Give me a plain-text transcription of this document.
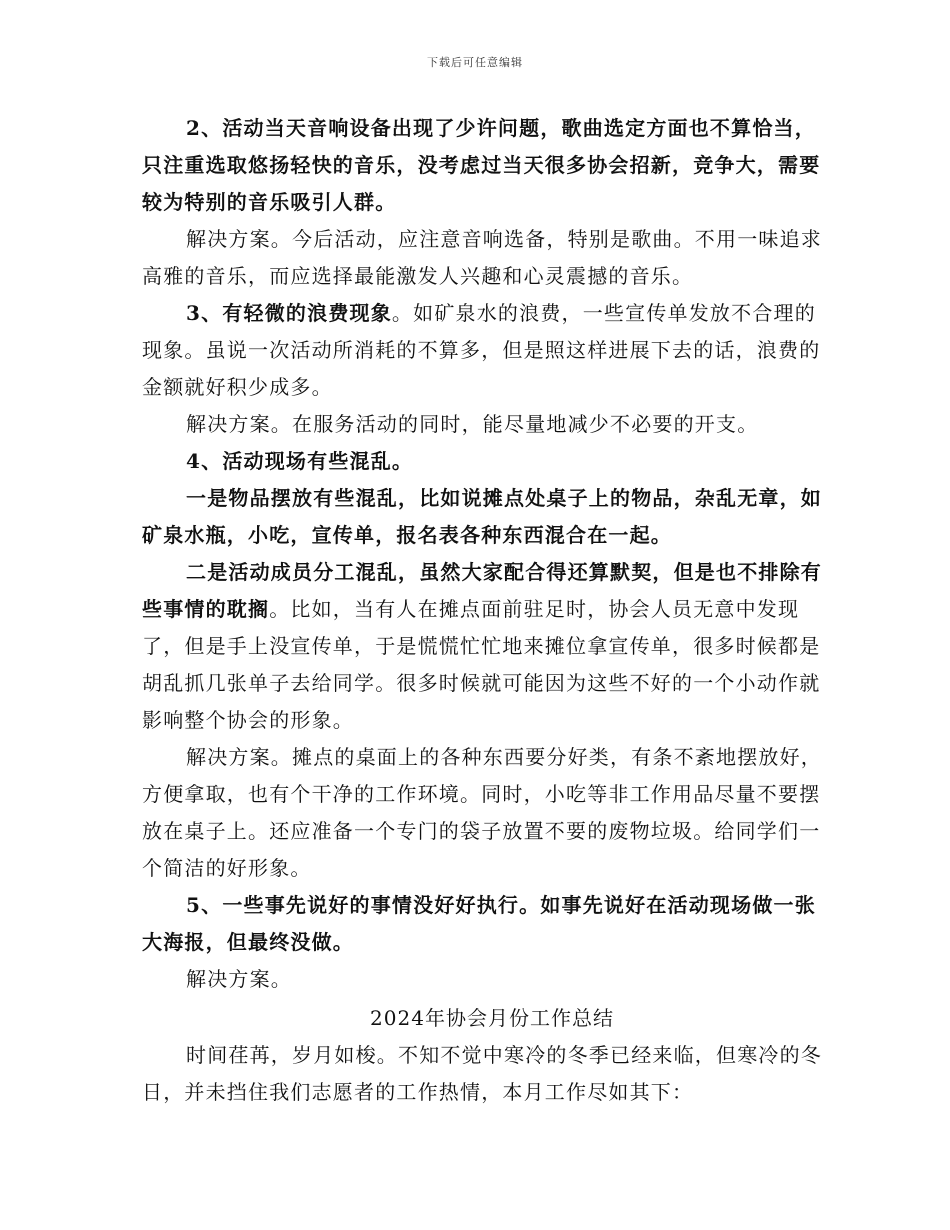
下载后可任意编辑

2、活动当天音响设备出现了少许问题，歌曲选定方面也不算恰当，只注重选取悠扬轻快的音乐，没考虑过当天很多协会招新，竞争大，需要较为特别的音乐吸引人群。

解决方案。今后活动，应注意音响选备，特别是歌曲。不用一味追求高雅的音乐，而应选择最能激发人兴趣和心灵震撼的音乐。

3、有轻微的浪费现象。如矿泉水的浪费，一些宣传单发放不合理的现象。虽说一次活动所消耗的不算多，但是照这样进展下去的话，浪费的金额就好积少成多。

解决方案。在服务活动的同时，能尽量地减少不必要的开支。

4、活动现场有些混乱。

一是物品摆放有些混乱，比如说摊点处桌子上的物品，杂乱无章，如矿泉水瓶，小吃，宣传单，报名表各种东西混合在一起。

二是活动成员分工混乱，虽然大家配合得还算默契，但是也不排除有些事情的耽搁。比如，当有人在摊点面前驻足时，协会人员无意中发现了，但是手上没宣传单，于是慌慌忙忙地来摊位拿宣传单，很多时候都是胡乱抓几张单子去给同学。很多时候就可能因为这些不好的一个小动作就影响整个协会的形象。

解决方案。摊点的桌面上的各种东西要分好类，有条不紊地摆放好，方便拿取，也有个干净的工作环境。同时，小吃等非工作用品尽量不要摆放在桌子上。还应准备一个专门的袋子放置不要的废物垃圾。给同学们一个简洁的好形象。

5、一些事先说好的事情没好好执行。如事先说好在活动现场做一张大海报，但最终没做。

解决方案。

2024年协会月份工作总结

时间荏苒，岁月如梭。不知不觉中寒冷的冬季已经来临，但寒冷的冬日，并未挡住我们志愿者的工作热情，本月工作尽如其下：
